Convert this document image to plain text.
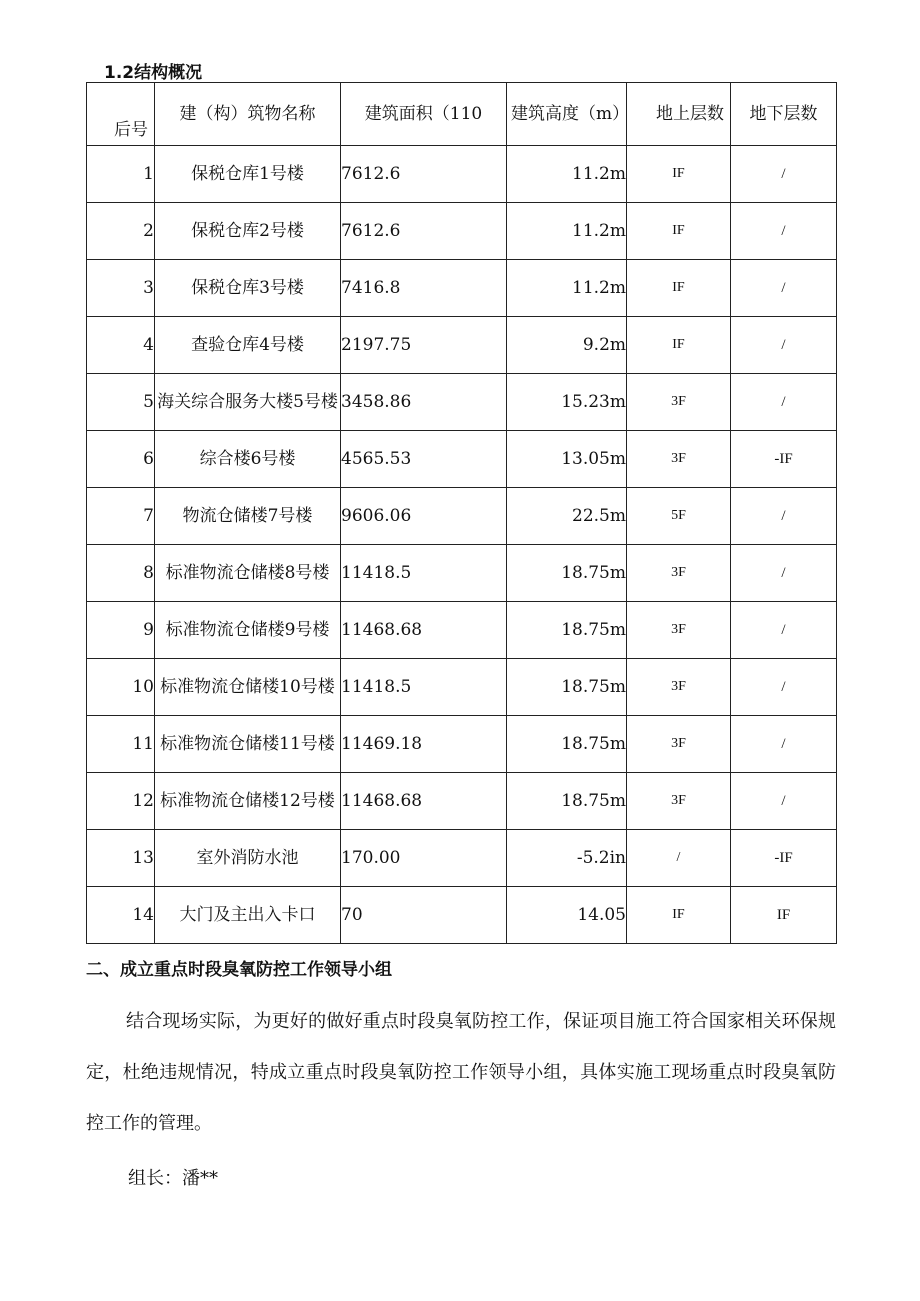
1.2结构概况
后号	建（构）筑物名称	建筑面积（110	建筑高度（m）	地上层数	地下层数
1	保税仓库1号楼	7612.6	11.2m	IF	/
2	保税仓库2号楼	7612.6	11.2m	IF	/
3	保税仓库3号楼	7416.8	11.2m	IF	/
4	查验仓库4号楼	2197.75	9.2m	IF	/
5	海关综合服务大楼5号楼	3458.86	15.23m	3F	/
6	综合楼6号楼	4565.53	13.05m	3F	-IF
7	物流仓储楼7号楼	9606.06	22.5m	5F	/
8	标准物流仓储楼8号楼	11418.5	18.75m	3F	/
9	标准物流仓储楼9号楼	11468.68	18.75m	3F	/
10	标准物流仓储楼10号楼	11418.5	18.75m	3F	/
11	标准物流仓储楼11号楼	11469.18	18.75m	3F	/
12	标准物流仓储楼12号楼	11468.68	18.75m	3F	/
13	室外消防水池	170.00	-5.2in	/	-IF
14	大门及主出入卡口	70	14.05	IF	IF
二、成立重点时段臭氧防控工作领导小组
结合现场实际，为更好的做好重点时段臭氧防控工作，保证项目施工符合国家相关环保规定，杜绝违规情况，特成立重点时段臭氧防控工作领导小组，具体实施工现场重点时段臭氧防控工作的管理。
组长：潘**
